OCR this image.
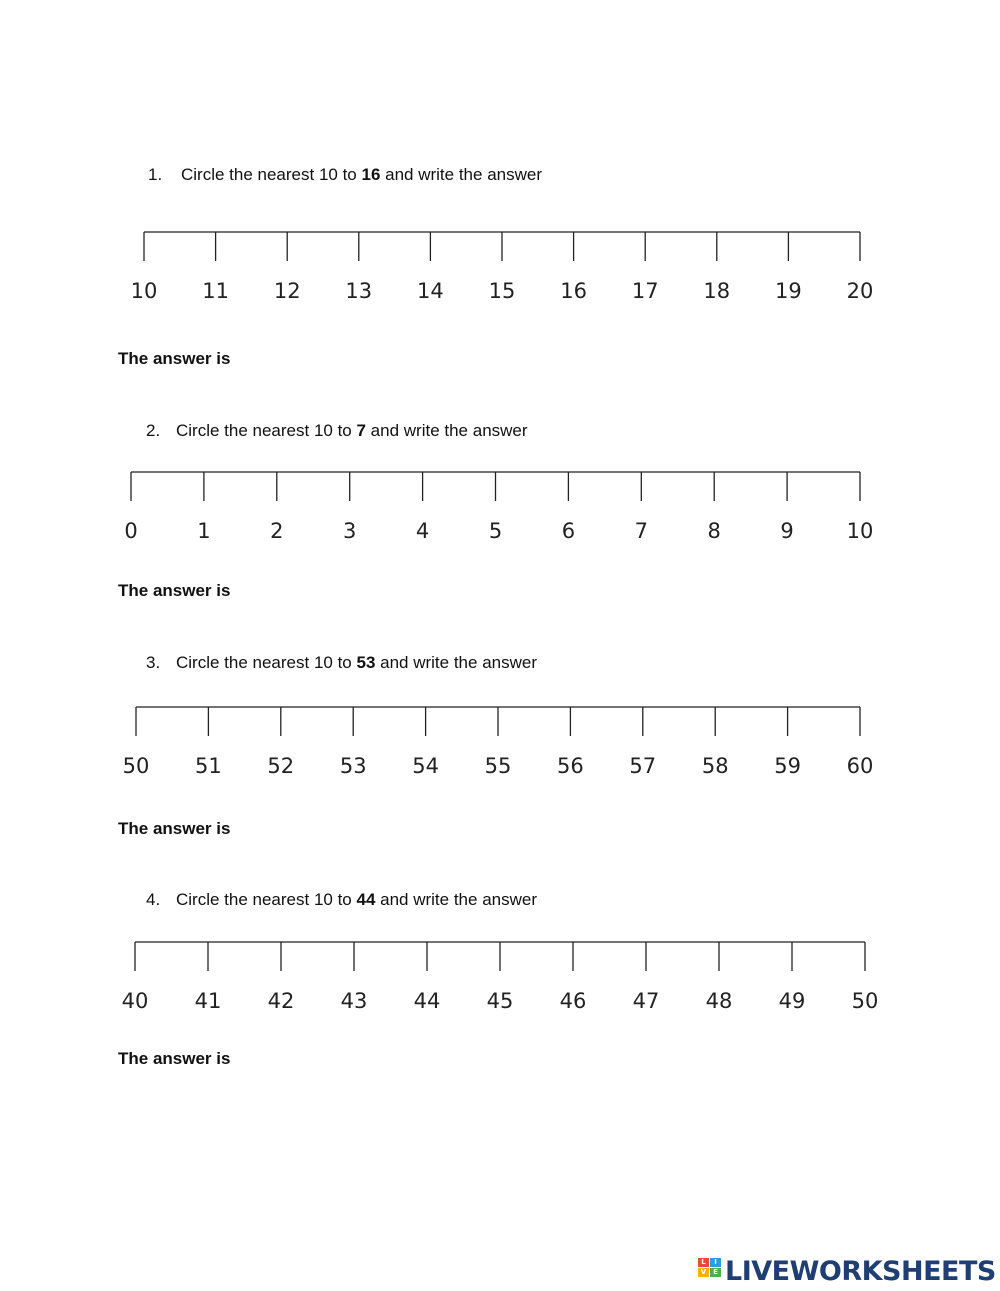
1. Circle the nearest 10 to 16 and write the answer
10 11 12 13 14 15 16 17 18 19 20
The answer is
2. Circle the nearest 10 to 7 and write the answer
0	1	2	3	4	5	6	7	8	9	10
The answer is
3. Circle the nearest 10 to 53 and write the answer
50 51 52 53 54 55 56 57 58 59 60
The answer is
4. Circle the nearest 10 to 44 and write the answer
40 41 42 43 44 45 46 47 48 49 50
The answer is
L	I
V E LIVEWORKSHEETS
